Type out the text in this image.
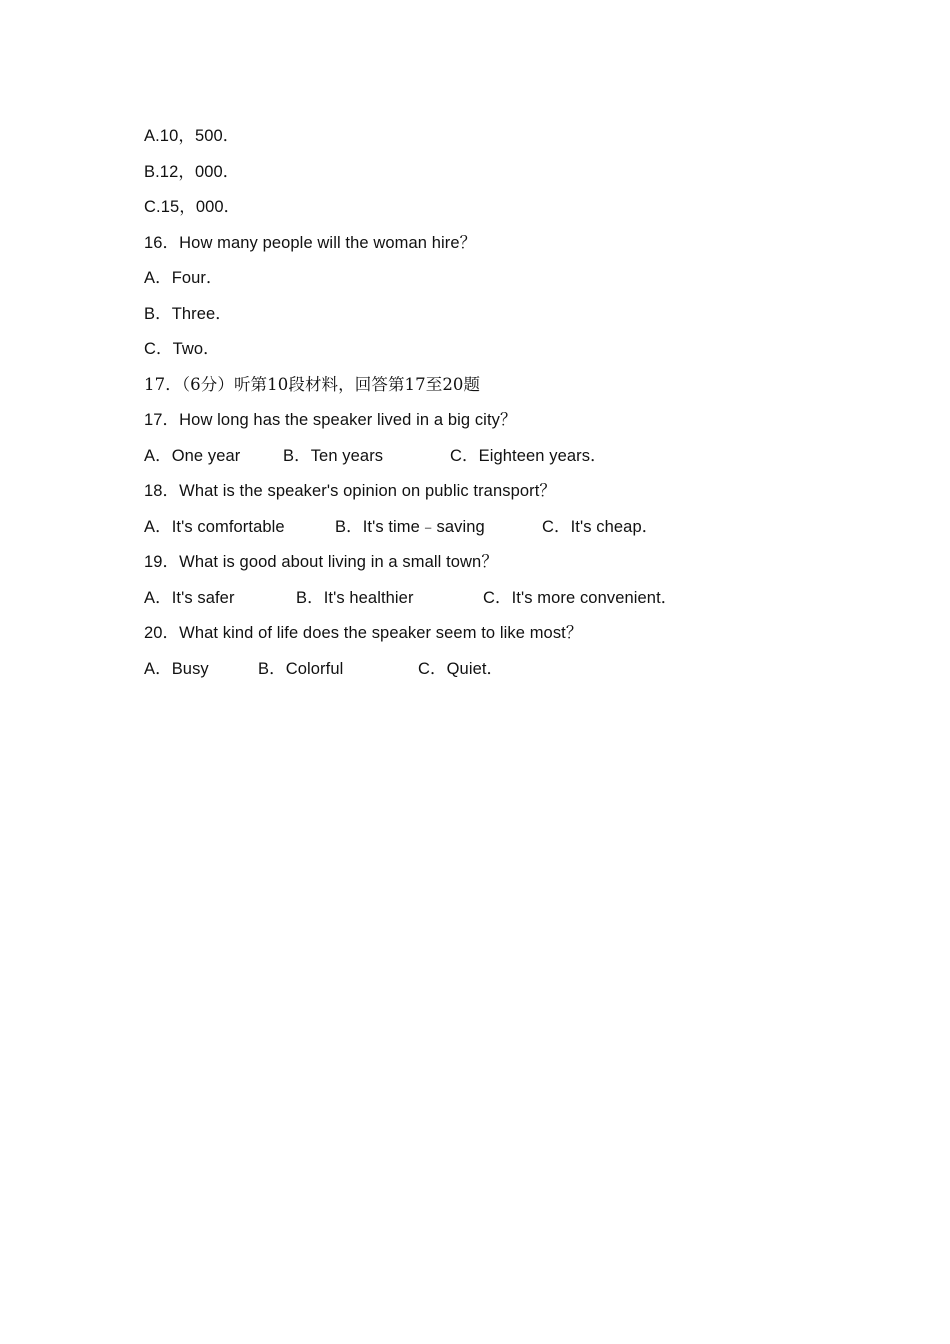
A.10，500．
B.12，000．
C.15，000．
16．How many people will the woman hire？
A．Four．
B．Three．
C．Two．
17．（6分）听第10段材料，回答第17至20题
17．How long has the speaker lived in a big city？
A．One year	B．Ten years	C．Eighteen years．
18．What is the speaker's opinion on public transport？
A．It's comfortable	B．It's time﹣saving	C．It's cheap．
19．What is good about living in a small town？
A．It's safer	B．It's healthier	C．It's more convenient．
20．What kind of life does the speaker seem to like most？
A．Busy	B．Colorful	C．Quiet．
